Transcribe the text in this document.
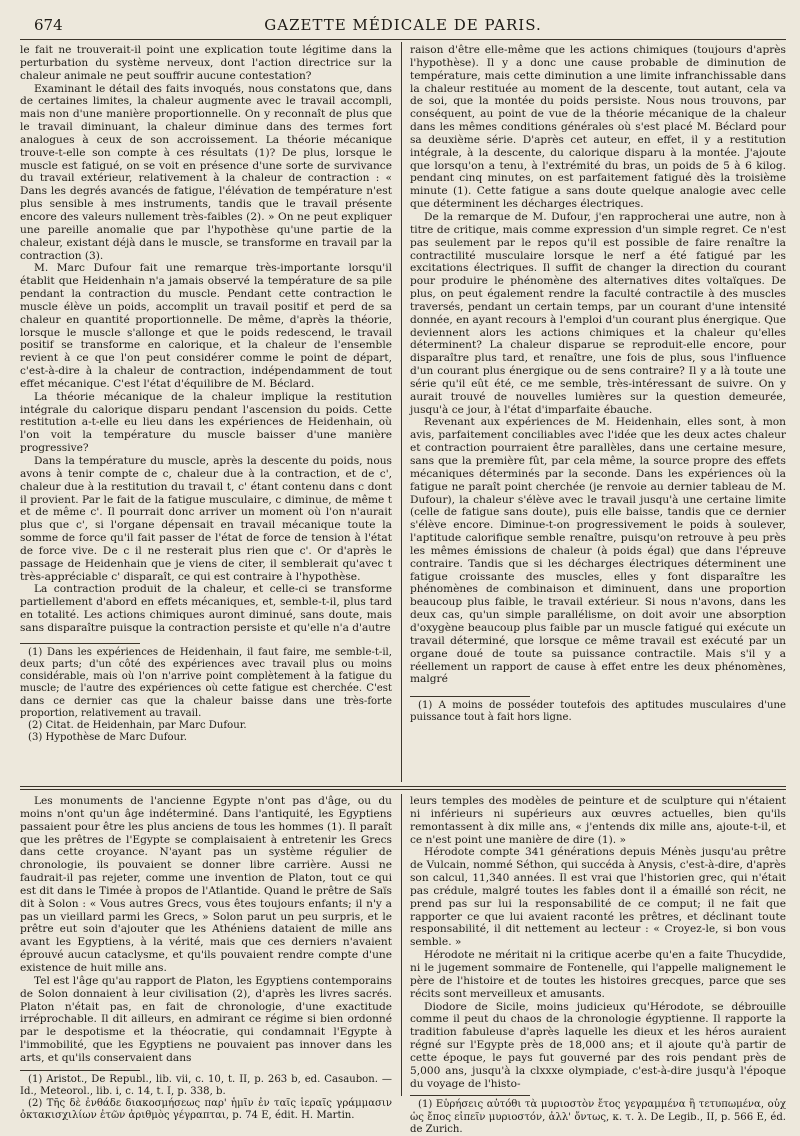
674	GAZETTE MÉDICALE DE PARIS.

le fait ne trouverait-il point une explication toute légitime dans la perturbation du système nerveux, dont l'action directrice sur la chaleur animale ne peut souffrir aucune contestation?

Examinant le détail des faits invoqués, nous constatons que, dans de certaines limites, la chaleur augmente avec le travail accompli, mais non d'une manière proportionnelle. On y reconnaît de plus que le travail diminuant, la chaleur diminue dans des termes fort analogues à ceux de son accroissement. La théorie mécanique trouve-t-elle son compte à ces résultats (1)? De plus, lorsque le muscle est fatigué, on se voit en présence d'une sorte de survivance du travail extérieur, relativement à la chaleur de contraction : « Dans les degrés avancés de fatigue, l'élévation de température n'est plus sensible à mes instruments, tandis que le travail présente encore des valeurs nullement très-faibles (2). » On ne peut expliquer une pareille anomalie que par l'hypothèse qu'une partie de la chaleur, existant déjà dans le muscle, se transforme en travail par la contraction (3).

M. Marc Dufour fait une remarque très-importante lorsqu'il établit que Heidenhain n'a jamais observé la température de sa pile pendant la contraction du muscle. Pendant cette contraction le muscle élève un poids, accomplit un travail positif et perd de sa chaleur en quantité proportionnelle. De même, d'après la théorie, lorsque le muscle s'allonge et que le poids redescend, le travail positif se transforme en calorique, et la chaleur de l'ensemble revient à ce que l'on peut considérer comme le point de départ, c'est-à-dire à la chaleur de contraction, indépendamment de tout effet mécanique. C'est l'état d'équilibre de M. Béclard.

La théorie mécanique de la chaleur implique la restitution intégrale du calorique disparu pendant l'ascension du poids. Cette restitution a-t-elle eu lieu dans les expériences de Heidenhain, où l'on voit la température du muscle baisser d'une manière progressive?

Dans la température du muscle, après la descente du poids, nous avons à tenir compte de c, chaleur due à la contraction, et de c', chaleur due à la restitution du travail t, c' étant contenu dans c dont il provient. Par le fait de la fatigue musculaire, c diminue, de même t et de même c'. Il pourrait donc arriver un moment où l'on n'aurait plus que c', si l'organe dépensait en travail mécanique toute la somme de force qu'il fait passer de l'état de force de tension à l'état de force vive. De c il ne resterait plus rien que c'. Or d'après le passage de Heidenhain que je viens de citer, il semblerait qu'avec t très-appréciable c' disparaît, ce qui est contraire à l'hypothèse.

La contraction produit de la chaleur, et celle-ci se transforme partiellement d'abord en effets mécaniques, et, semble-t-il, plus tard en totalité. Les actions chimiques auront diminué, sans doute, mais sans disparaître puisque la contraction persiste et qu'elle n'a d'autre

(1) Dans les expériences de Heidenhain, il faut faire, me semble-t-il, deux parts; d'un côté des expériences avec travail plus ou moins considérable, mais où l'on n'arrive point complètement à la fatigue du muscle; de l'autre des expériences où cette fatigue est cherchée. C'est dans ce dernier cas que la chaleur baisse dans une très-forte proportion, relativement au travail.

(2) Citat. de Heidenhain, par Marc Dufour.

(3) Hypothèse de Marc Dufour.

raison d'être elle-même que les actions chimiques (toujours d'après l'hypothèse). Il y a donc une cause probable de diminution de température, mais cette diminution a une limite infranchissable dans la chaleur restituée au moment de la descente, tout autant, cela va de soi, que la montée du poids persiste. Nous nous trouvons, par conséquent, au point de vue de la théorie mécanique de la chaleur dans les mêmes conditions générales où s'est placé M. Béclard pour sa deuxième série. D'après cet auteur, en effet, il y a restitution intégrale, à la descente, du calorique disparu à la montée. J'ajoute que lorsqu'on a tenu, à l'extrémité du bras, un poids de 5 à 6 kilog. pendant cinq minutes, on est parfaitement fatigué dès la troisième minute (1). Cette fatigue a sans doute quelque analogie avec celle que déterminent les décharges électriques.

De la remarque de M. Dufour, j'en rapprocherai une autre, non à titre de critique, mais comme expression d'un simple regret. Ce n'est pas seulement par le repos qu'il est possible de faire renaître la contractilité musculaire lorsque le nerf a été fatigué par les excitations électriques. Il suffit de changer la direction du courant pour produire le phénomène des alternatives dites voltaïques. De plus, on peut également rendre la faculté contractile à des muscles traversés, pendant un certain temps, par un courant d'une intensité donnée, en ayant recours à l'emploi d'un courant plus énergique. Que deviennent alors les actions chimiques et la chaleur qu'elles déterminent? La chaleur disparue se reproduit-elle encore, pour disparaître plus tard, et renaître, une fois de plus, sous l'influence d'un courant plus énergique ou de sens contraire? Il y a là toute une série qu'il eût été, ce me semble, très-intéressant de suivre. On y aurait trouvé de nouvelles lumières sur la question demeurée, jusqu'à ce jour, à l'état d'imparfaite ébauche.

Revenant aux expériences de M. Heidenhain, elles sont, à mon avis, parfaitement conciliables avec l'idée que les deux actes chaleur et contraction pourraient être parallèles, dans une certaine mesure, sans que la première fût, par cela même, la source propre des effets mécaniques déterminés par la seconde. Dans les expériences où la fatigue ne paraît point cherchée (je renvoie au dernier tableau de M. Dufour), la chaleur s'élève avec le travail jusqu'à une certaine limite (celle de fatigue sans doute), puis elle baisse, tandis que ce dernier s'élève encore. Diminue-t-on progressivement le poids à soulever, l'aptitude calorifique semble renaître, puisqu'on retrouve à peu près les mêmes émissions de chaleur (à poids égal) que dans l'épreuve contraire. Tandis que si les décharges électriques déterminent une fatigue croissante des muscles, elles y font disparaître les phénomènes de combinaison et diminuent, dans une proportion beaucoup plus faible, le travail extérieur. Si nous n'avons, dans les deux cas, qu'un simple parallélisme, on doit avoir une absorption d'oxygène beaucoup plus faible par un muscle fatigué qui exécute un travail déterminé, que lorsque ce même travail est exécuté par un organe doué de toute sa puissance contractile. Mais s'il y a réellement un rapport de cause à effet entre les deux phénomènes, malgré

(1) A moins de posséder toutefois des aptitudes musculaires d'une puissance tout à fait hors ligne.

Les monuments de l'ancienne Egypte n'ont pas d'âge, ou du moins n'ont qu'un âge indéterminé. Dans l'antiquité, les Egyptiens passaient pour être les plus anciens de tous les hommes (1). Il paraît que les prêtres de l'Egypte se complaisaient à entretenir les Grecs dans cette croyance. N'ayant pas un système régulier de chronologie, ils pouvaient se donner libre carrière. Aussi ne faudrait-il pas rejeter, comme une invention de Platon, tout ce qui est dit dans le Timée à propos de l'Atlantide. Quand le prêtre de Saïs dit à Solon : « Vous autres Grecs, vous êtes toujours enfants; il n'y a pas un vieillard parmi les Grecs, » Solon parut un peu surpris, et le prêtre eut soin d'ajouter que les Athéniens dataient de mille ans avant les Egyptiens, à la vérité, mais que ces derniers n'avaient éprouvé aucun cataclysme, et qu'ils pouvaient rendre compte d'une existence de huit mille ans.

Tel est l'âge qu'au rapport de Platon, les Egyptiens contemporains de Solon donnaient à leur civilisation (2), d'après les livres sacrés. Platon n'était pas, en fait de chronologie, d'une exactitude irréprochable. Il dit ailleurs, en admirant ce régime si bien ordonné par le despotisme et la théocratie, qui condamnait l'Egypte à l'immobilité, que les Egyptiens ne pouvaient pas innover dans les arts, et qu'ils conservaient dans

(1) Aristot., De Republ., lib. vii, c. 10, t. II, p. 263 b, ed. Casaubon. — Id., Meteorol., lib. i, c. 14, t. I, p. 338, b.

(2) Τῆς δὲ ἐνθάδε διακοσμήσεως παρ' ἡμῖν ἐν ταῖς ἱεραῖς γράμμασιν ὀκτακισχιλίων ἐτῶν ἀριθμὸς γέγραπται, p. 74 E, édit. H. Martin.

leurs temples des modèles de peinture et de sculpture qui n'étaient ni inférieurs ni supérieurs aux œuvres actuelles, bien qu'ils remontassent à dix mille ans, « j'entends dix mille ans, ajoute-t-il, et ce n'est point une manière de dire (1). »

Hérodote compte 341 générations depuis Ménès jusqu'au prêtre de Vulcain, nommé Séthon, qui succéda à Anysis, c'est-à-dire, d'après son calcul, 11,340 années. Il est vrai que l'historien grec, qui n'était pas crédule, malgré toutes les fables dont il a émaillé son récit, ne prend pas sur lui la responsabilité de ce comput; il ne fait que rapporter ce que lui avaient raconté les prêtres, et déclinant toute responsabilité, il dit nettement au lecteur : « Croyez-le, si bon vous semble. »

Hérodote ne méritait ni la critique acerbe qu'en a faite Thucydide, ni le jugement sommaire de Fontenelle, qui l'appelle malignement le père de l'histoire et de toutes les histoires grecques, parce que ses récits sont merveilleux et amusants.

Diodore de Sicile, moins judicieux qu'Hérodote, se débrouille comme il peut du chaos de la chronologie égyptienne. Il rapporte la tradition fabuleuse d'après laquelle les dieux et les héros auraient régné sur l'Egypte près de 18,000 ans; et il ajoute qu'à partir de cette époque, le pays fut gouverné par des rois pendant près de 5,000 ans, jusqu'à la clxxxe olympiade, c'est-à-dire jusqu'à l'époque du voyage de l'histo-

(1) Εὑρήσεις αὐτόθι τὰ μυριοστὸν ἔτος γεγραμμένα ἢ τετυπωμένα, οὐχ ὡς ἔπος εἰπεῖν μυριοστόν, ἀλλ' ὄντως, κ. τ. λ. De Legib., II, p. 566 E, éd. de Zurich.
